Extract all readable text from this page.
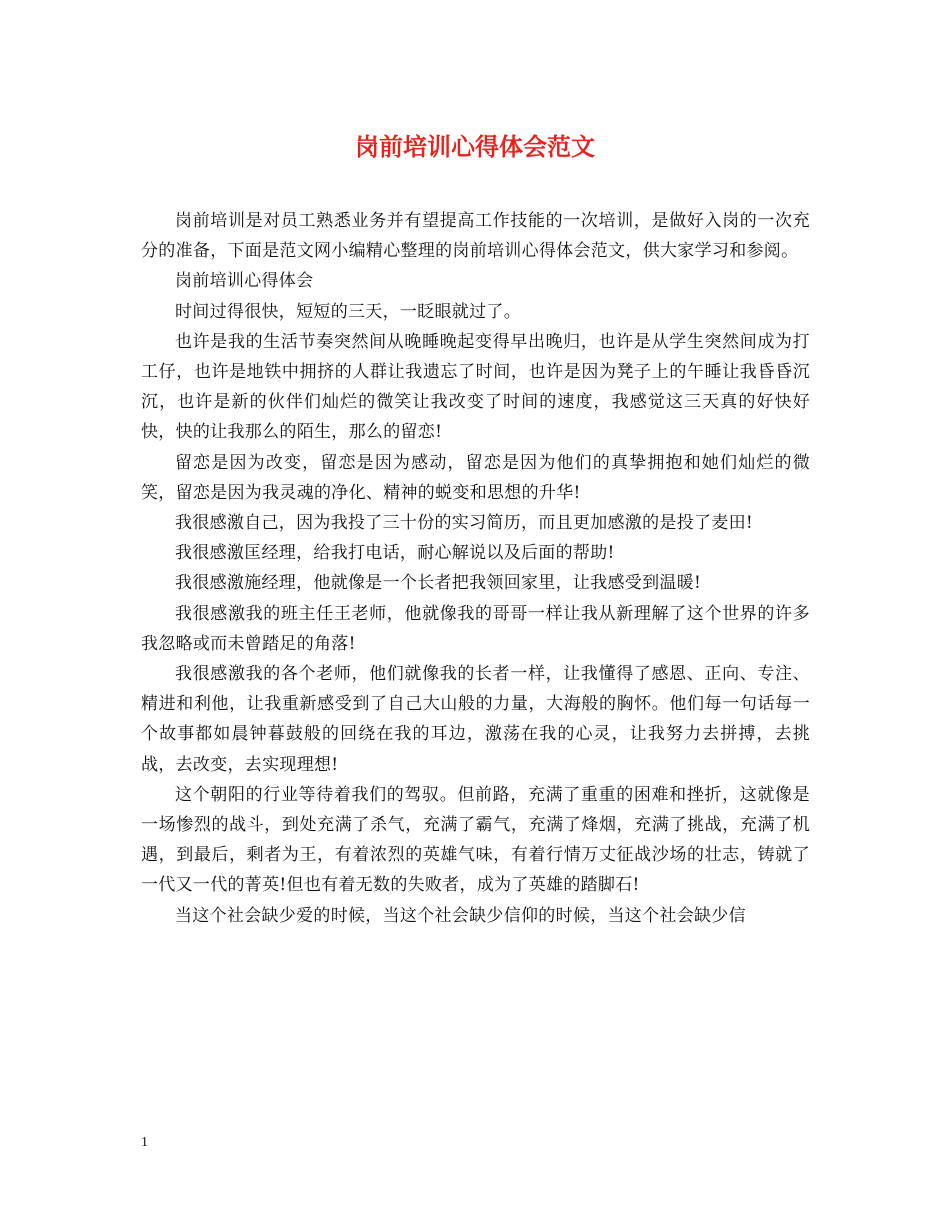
岗前培训心得体会范文

岗前培训是对员工熟悉业务并有望提高工作技能的一次培训，是做好入岗的一次充分的准备，下面是范文网小编精心整理的岗前培训心得体会范文，供大家学习和参阅。

岗前培训心得体会

时间过得很快，短短的三天，一眨眼就过了。

也许是我的生活节奏突然间从晚睡晚起变得早出晚归，也许是从学生突然间成为打工仔，也许是地铁中拥挤的人群让我遗忘了时间，也许是因为凳子上的午睡让我昏昏沉沉，也许是新的伙伴们灿烂的微笑让我改变了时间的速度，我感觉这三天真的好快好快，快的让我那么的陌生，那么的留恋!

留恋是因为改变，留恋是因为感动，留恋是因为他们的真挚拥抱和她们灿烂的微笑，留恋是因为我灵魂的净化、精神的蜕变和思想的升华!

我很感激自己，因为我投了三十份的实习简历，而且更加感激的是投了麦田!

我很感激匡经理，给我打电话，耐心解说以及后面的帮助!

我很感激施经理，他就像是一个长者把我领回家里，让我感受到温暖!

我很感激我的班主任王老师，他就像我的哥哥一样让我从新理解了这个世界的许多我忽略或而未曾踏足的角落!

我很感激我的各个老师，他们就像我的长者一样，让我懂得了感恩、正向、专注、精进和利他，让我重新感受到了自己大山般的力量，大海般的胸怀。他们每一句话每一个故事都如晨钟暮鼓般的回绕在我的耳边，激荡在我的心灵，让我努力去拼搏，去挑战，去改变，去实现理想!

这个朝阳的行业等待着我们的驾驭。但前路，充满了重重的困难和挫折，这就像是一场惨烈的战斗，到处充满了杀气，充满了霸气，充满了烽烟，充满了挑战，充满了机遇，到最后，剩者为王，有着浓烈的英雄气味，有着行情万丈征战沙场的壮志，铸就了一代又一代的菁英!但也有着无数的失败者，成为了英雄的踏脚石!

当这个社会缺少爱的时候，当这个社会缺少信仰的时候，当这个社会缺少信

1
